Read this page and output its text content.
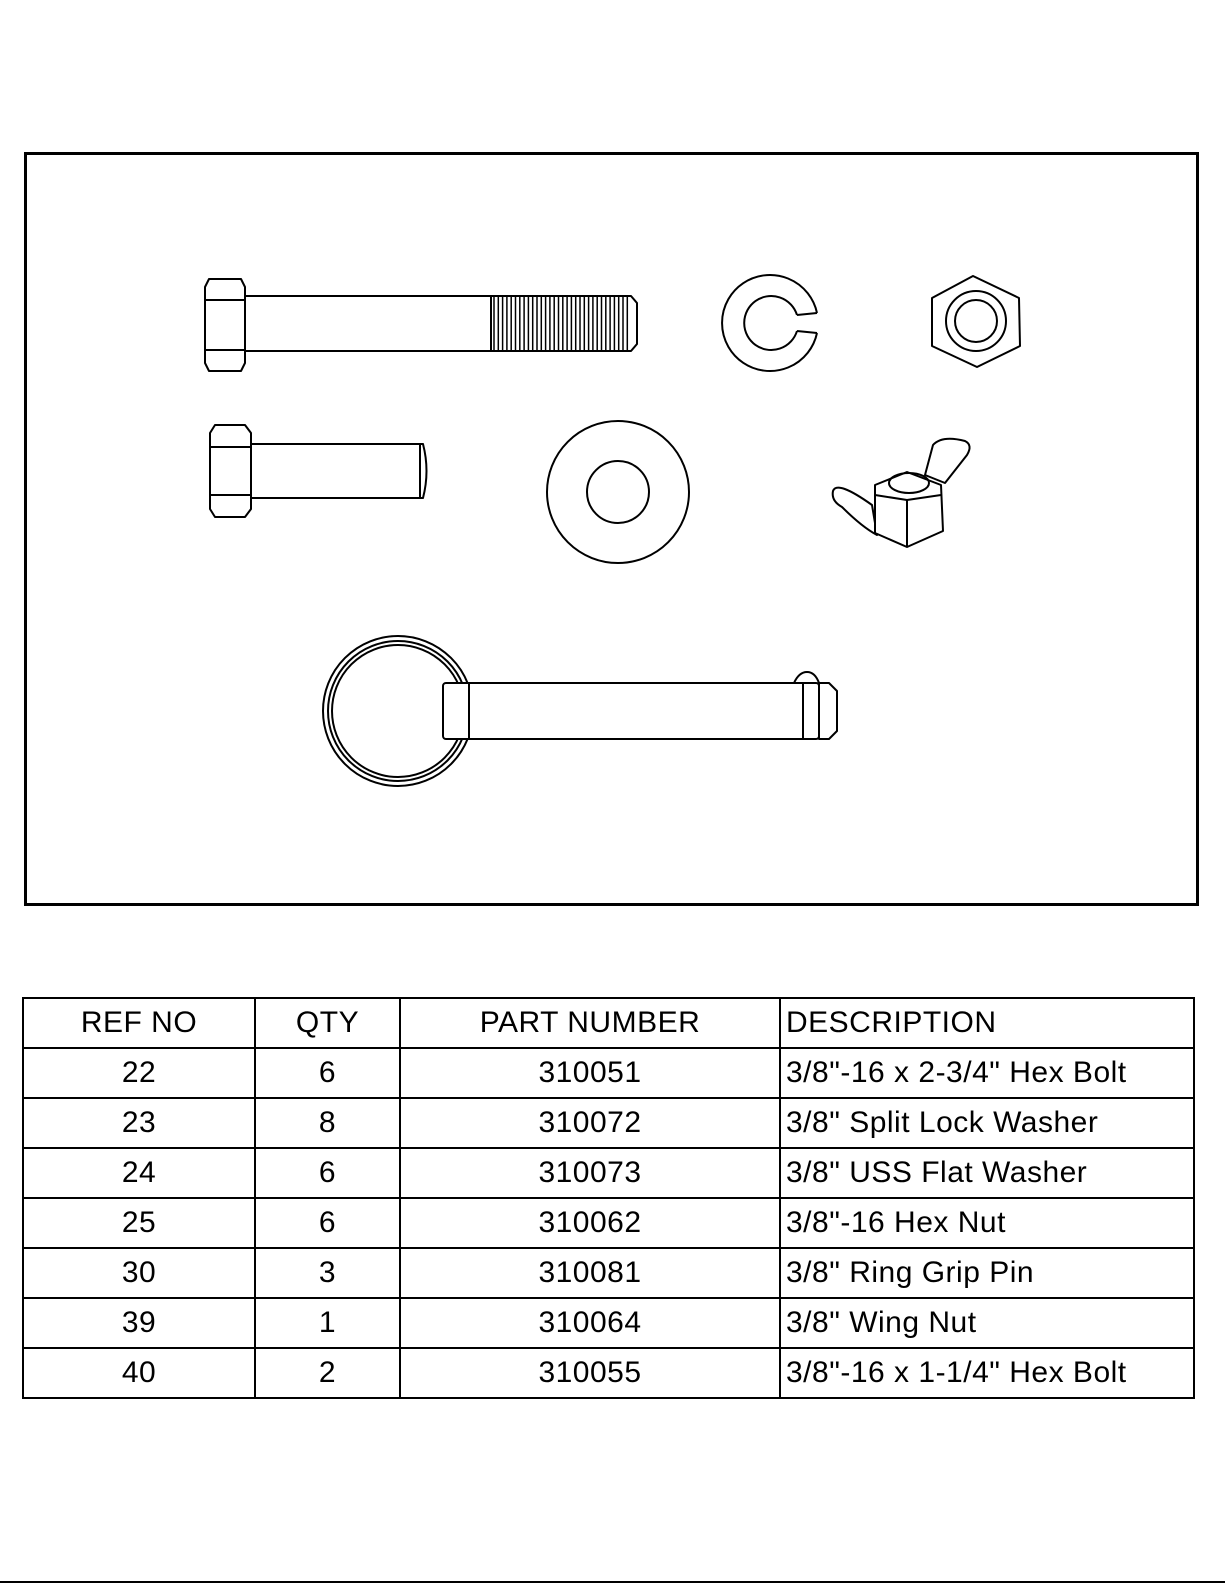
REF NO	QTY	PART NUMBER	DESCRIPTION
22	6	310051	3/8"-16 x 2-3/4" Hex Bolt
23	8	310072	3/8" Split Lock Washer
24	6	310073	3/8" USS Flat Washer
25	6	310062	3/8"-16 Hex Nut
30	3	310081	3/8" Ring Grip Pin
39	1	310064	3/8" Wing Nut
40	2	310055	3/8"-16 x 1-1/4" Hex Bolt
